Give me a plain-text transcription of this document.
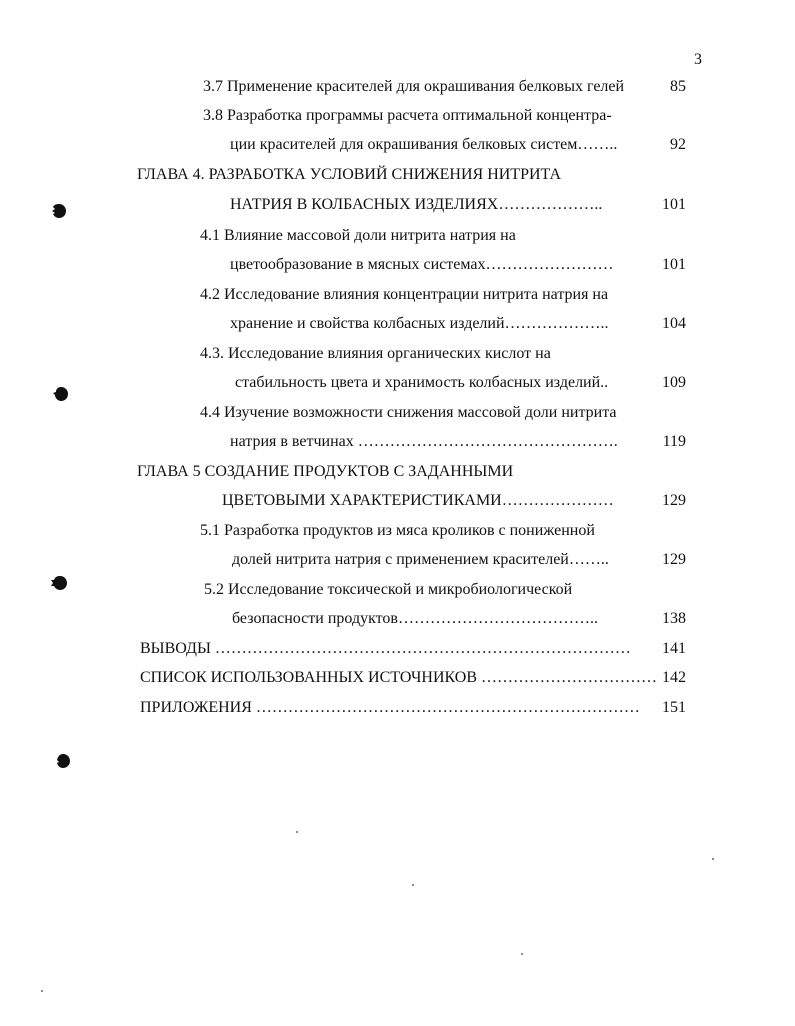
3
3.7 Применение красителей для окрашивания белковых гелей	85
3.8 Разработка программы расчета оптимальной концентра-
ции красителей для окрашивания белковых систем……..	92
ГЛАВА 4. РАЗРАБОТКА УСЛОВИЙ СНИЖЕНИЯ НИТРИТА
НАТРИЯ В КОЛБАСНЫХ ИЗДЕЛИЯХ………………..	101
4.1 Влияние массовой доли нитрита натрия на
цветообразование в мясных системах……………………	101
4.2 Исследование влияния концентрации нитрита натрия на
хранение и свойства колбасных изделий………………..	104
4.3. Исследование влияния органических кислот на
стабильность цвета и хранимость колбасных изделий..	109
4.4 Изучение возможности снижения массовой доли нитрита
натрия в ветчинах ………………………………………….	119
ГЛАВА 5 СОЗДАНИЕ ПРОДУКТОВ С ЗАДАННЫМИ
ЦВЕТОВЫМИ ХАРАКТЕРИСТИКАМИ…………………	129
5.1 Разработка продуктов из мяса кроликов с пониженной
долей нитрита натрия с применением красителей……..	129
5.2 Исследование токсической и микробиологической
безопасности продуктов………………………………..	138
ВЫВОДЫ ……………………………………………………………………	141
СПИСОК ИСПОЛЬЗОВАННЫХ ИСТОЧНИКОВ …………………………… 142
ПРИЛОЖЕНИЯ ………………………………………………………………	151
